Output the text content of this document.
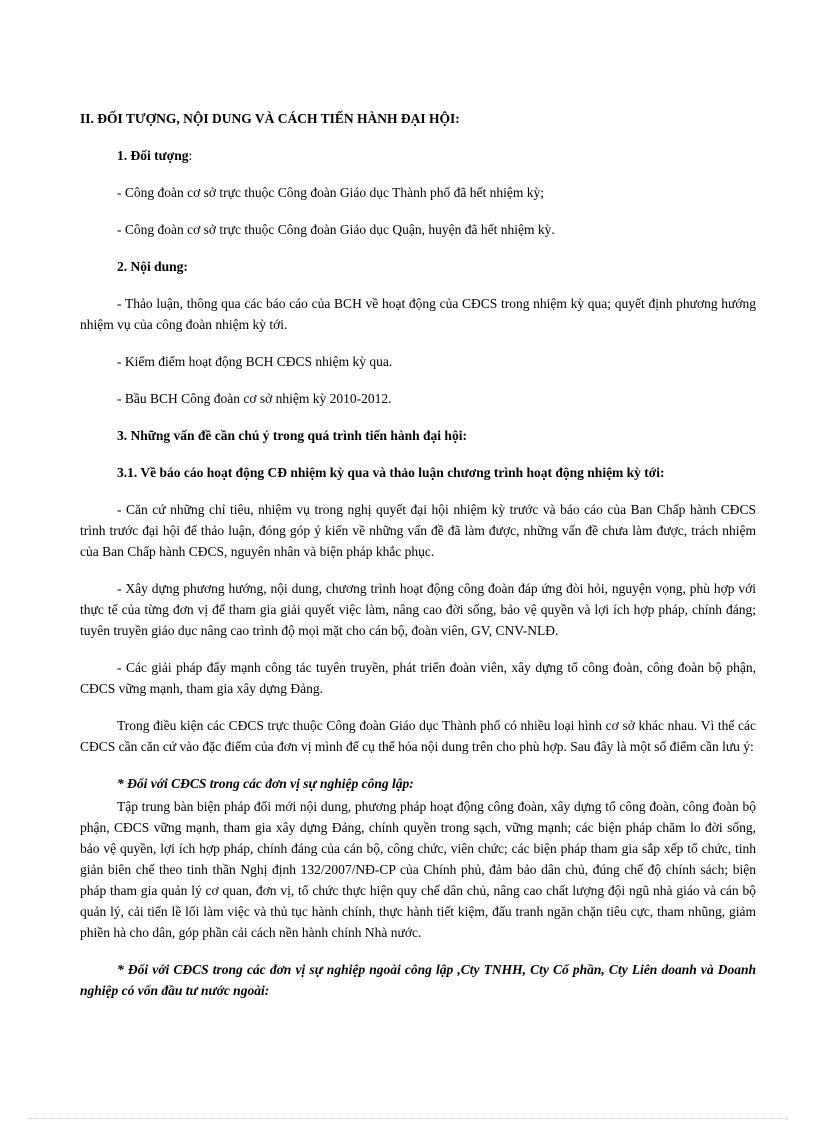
II. ĐỐI TƯỢNG, NỘI DUNG VÀ CÁCH TIẾN HÀNH ĐẠI HỘI:

1. Đối tượng:

- Công đoàn cơ sở trực thuộc Công đoàn Giáo dục Thành phố đã hết nhiệm kỳ;

- Công đoàn cơ sở trực thuộc Công đoàn Giáo dục Quận, huyện đã hết nhiệm kỳ.

2. Nội dung:

- Thảo luận, thông qua các báo cáo của BCH về hoạt động của CĐCS trong nhiệm kỳ qua; quyết định phương hướng nhiệm vụ của công đoàn nhiệm kỳ tới.

- Kiểm điểm hoạt động BCH CĐCS nhiệm kỳ qua.

- Bầu BCH Công đoàn cơ sở nhiệm kỳ 2010-2012.

3. Những vấn đề cần chú ý trong quá trình tiến hành đại hội:

3.1. Về báo cáo hoạt động CĐ nhiệm kỳ qua và thảo luận chương trình hoạt động nhiệm kỳ tới:

- Căn cứ những chỉ tiêu, nhiệm vụ trong nghị quyết đại hội nhiệm kỳ trước và báo cáo của Ban Chấp hành CĐCS trình trước đại hội để thảo luận, đóng góp ý kiến về những vấn đề đã làm được, những vấn đề chưa làm được, trách nhiệm của Ban Chấp hành CĐCS, nguyên nhân và biện pháp khắc phục.

- Xây dựng phương hướng, nội dung, chương trình hoạt động công đoàn đáp ứng đòi hỏi, nguyện vọng, phù hợp với thực tế của từng đơn vị để tham gia giải quyết việc làm, nâng cao đời sống, bảo vệ quyền và lợi ích hợp pháp, chính đáng; tuyên truyền giáo dục nâng cao trình độ mọi mặt cho cán bộ, đoàn viên, GV, CNV-NLĐ.

- Các giải pháp đẩy mạnh công tác tuyên truyền, phát triển đoàn viên, xây dựng tổ công đoàn, công đoàn bộ phận, CĐCS vững mạnh, tham gia xây dựng Đảng.

Trong điều kiện các CĐCS trực thuộc Công đoàn Giáo dục Thành phố có nhiều loại hình cơ sở khác nhau. Vì thế các CĐCS cần căn cứ vào đặc điểm của đơn vị mình để cụ thể hóa nội dung trên cho phù hợp. Sau đây là một số điểm cần lưu ý:

* Đối với CĐCS trong các đơn vị sự nghiệp công lập:

Tập trung bàn biện pháp đổi mới nội dung, phương pháp hoạt động công đoàn, xây dựng tổ công đoàn, công đoàn bộ phận, CĐCS vững mạnh, tham gia xây dựng Đảng, chính quyền trong sạch, vững mạnh; các biện pháp chăm lo đời sống, bảo vệ quyền, lợi ích hợp pháp, chính đáng của cán bộ, công chức, viên chức; các biện pháp tham gia sắp xếp tổ chức, tinh giản biên chế theo tinh thần Nghị định 132/2007/NĐ-CP của Chính phủ, đảm bảo dân chủ, đúng chế độ chính sách; biện pháp tham gia quản lý cơ quan, đơn vị, tổ chức thực hiện quy chế dân chủ, nâng cao chất lượng đội ngũ nhà giáo và cán bộ quản lý, cải tiến lề lối làm việc và thủ tục hành chính, thực hành tiết kiệm, đấu tranh ngăn chặn tiêu cực, tham nhũng, giảm phiền hà cho dân, góp phần cải cách nền hành chính Nhà nước.

* Đối với CĐCS trong các đơn vị sự nghiệp ngoài công lập ,Cty TNHH, Cty Cổ phần, Cty Liên doanh và Doanh nghiệp có vốn đầu tư nước ngoài:
